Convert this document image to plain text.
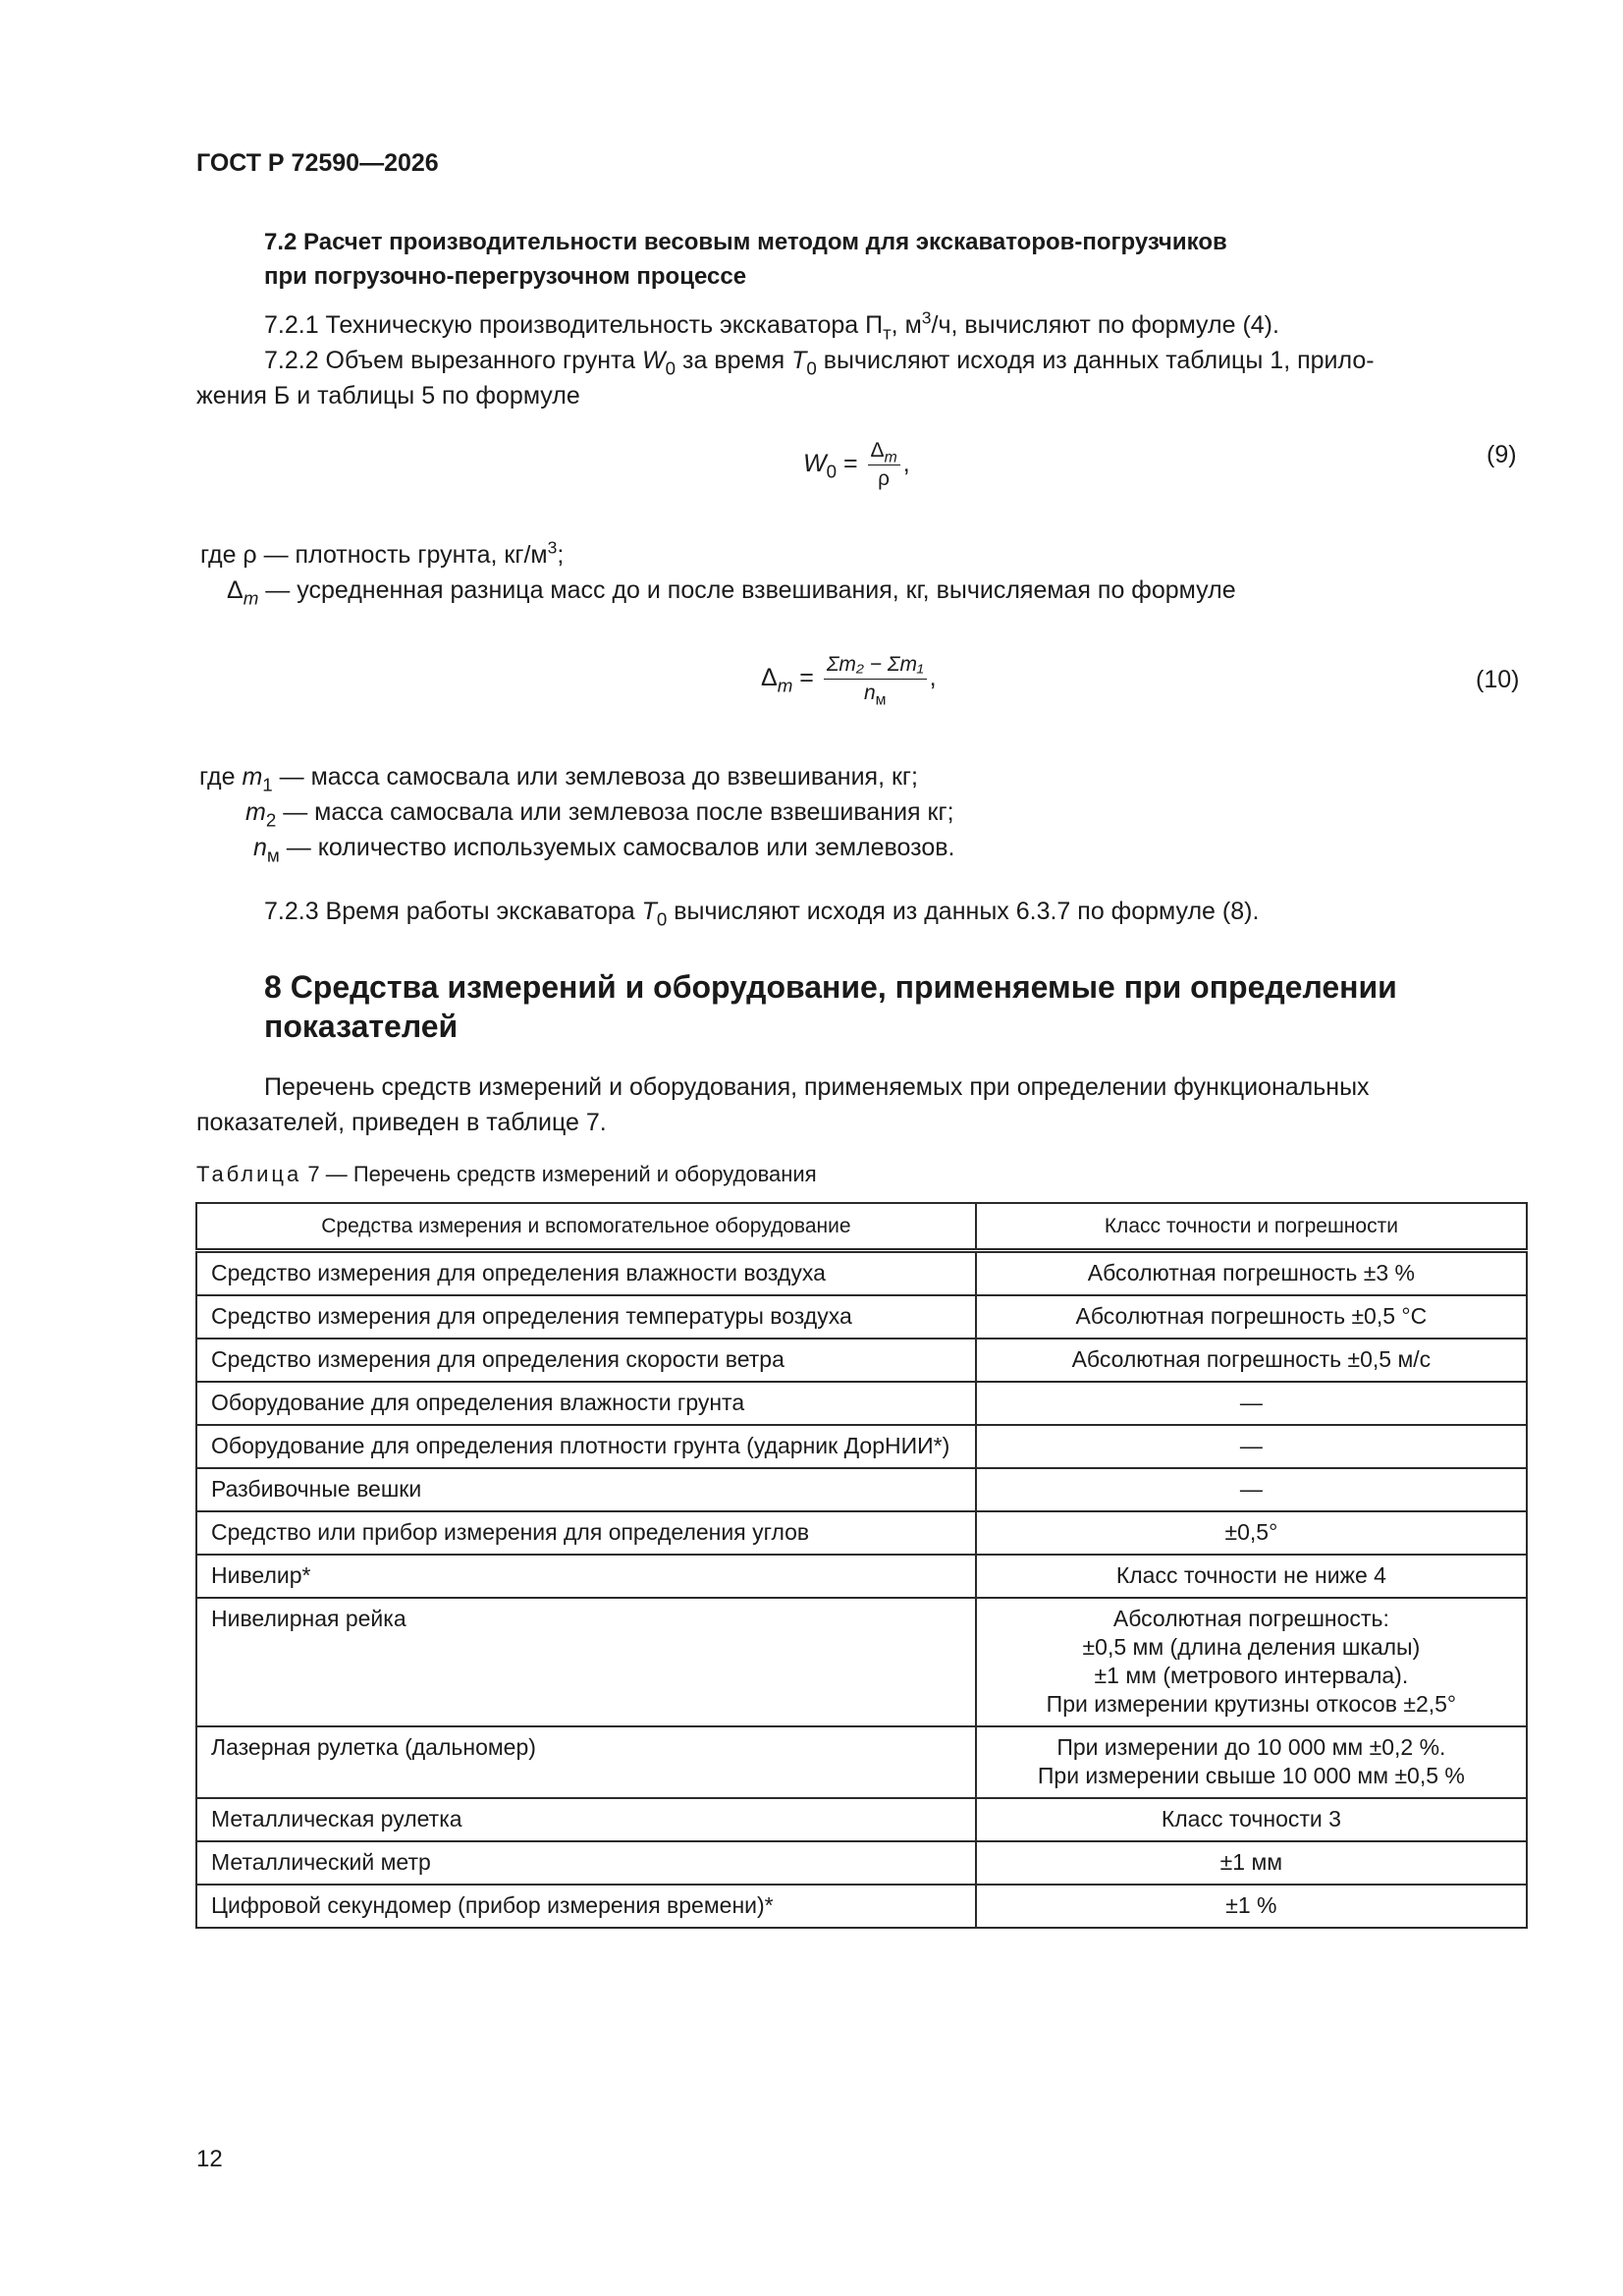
ГОСТ Р 72590—2026
7.2 Расчет производительности весовым методом для экскаваторов-погрузчиков
при погрузочно-перегрузочном процессе
7.2.1 Техническую производительность экскаватора $П_т$, $м^3/ч$, вычисляют по формуле (4).
7.2.2 Объем вырезанного грунта $W_0$ за время $T_0$ вычисляют исходя из данных таблицы 1, прило-
жения Б и таблицы 5 по формуле
$W_0 = \frac{\Delta_m}{\rho}$ ,	(9)
где ρ — плотность грунта, $кг/м^3$;
$\Delta_m$ — усредненная разница масс до и после взвешивания, кг, вычисляемая по формуле
$\Delta_m = \frac{\text{Σm₂ − Σm₁}}{n_м}$ ,	(10)
где $m_1$ — масса самосвала или землевоза до взвешивания, кг;
$m_2$ — масса самосвала или землевоза после взвешивания кг;
$n_м$ — количество используемых самосвалов или землевозов.
7.2.3 Время работы экскаватора $T_0$ вычисляют исходя из данных 6.3.7 по формуле (8).
8 Средства измерений и оборудование, применяемые при определении
показателей
Перечень средств измерений и оборудования, применяемых при определении функциональных
показателей, приведен в таблице 7.
Таблица 7 — Перечень средств измерений и оборудования
Средства измерения и вспомогательное оборудование	Класс точности и погрешности
Средство измерения для определения влажности воздуха	Абсолютная погрешность ±3 %
Средство измерения для определения температуры воздуха	Абсолютная погрешность ±0,5 °С
Средство измерения для определения скорости ветра	Абсолютная погрешность ±0,5 м/с
Оборудование для определения влажности грунта	—
Оборудование для определения плотности грунта (ударник ДорНИИ*)	—
Разбивочные вешки	—
Средство или прибор измерения для определения углов	±0,5°
Нивелир*	Класс точности не ниже 4
Нивелирная рейка	Абсолютная погрешность:
±0,5 мм (длина деления шкалы)
±1 мм (метрового интервала).
При измерении крутизны откосов ±2,5°
Лазерная рулетка (дальномер)	При измерении до 10 000 мм ±0,2 %.
При измерении свыше 10 000 мм ±0,5 %
Металлическая рулетка	Класс точности 3
Металлический метр	±1 мм
Цифровой секундомер (прибор измерения времени)*	±1 %
12
